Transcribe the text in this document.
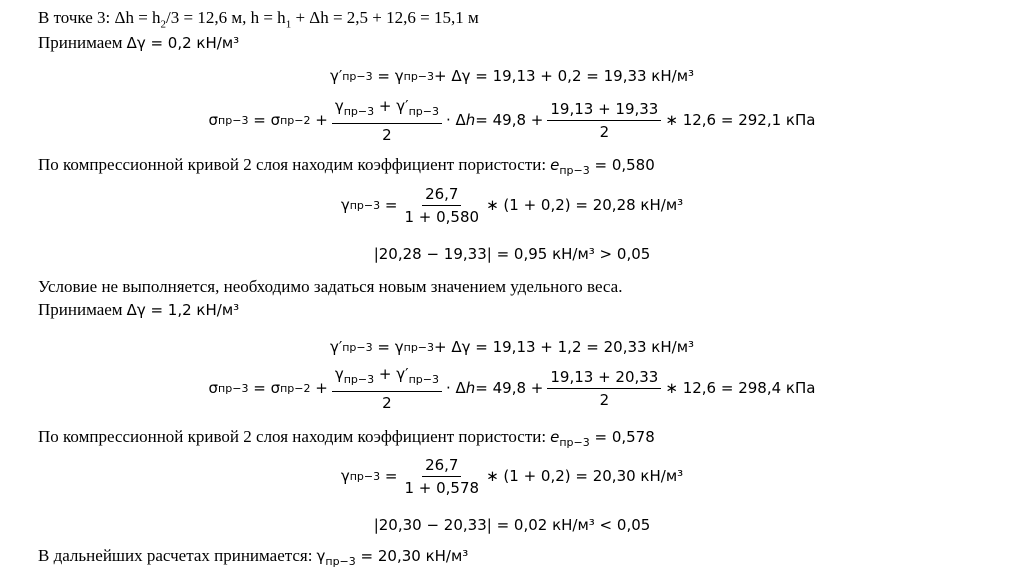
В точке 3: $\Delta h = h_2/3 = 12,6$ м, $h = h_1 + \Delta h = 2,5 + 12,6 = 15,1$ м
Принимаем Δγ = 0,2 кН/м³
γ′ пр−3
= γ пр−3 + Δγ = 19,13 + 0,2 = 19,33 кН/м³
σ пр−3
=
σ пр−2
+ $\frac{\gamma_{пр-3} + \gamma'_{пр-3}}{2} \cdot \Delta$ $h = 49,8 + \frac{19,13 + 19,33}{2}$ ∗ 12,6 = 292,1 кПа
По компрессионной кривой 2 слоя находим коэффициент пористости: $e_{пр-3} = 0,580$
γ пр−3
= $\frac{26,7}{1 + 0,580}$ ∗ (1 + 0,2) = 20,28 кН/м³
|20,28 − 19,33| = 0,95 кН/м³ > 0,05
Условие не выполняется, необходимо задаться новым значением удельного веса.
Принимаем Δγ = 1,2 кН/м³
γ′ пр−3
= γ пр−3 + Δγ = 19,13 + 1,2 = 20,33 кН/м³
σ пр−3
=
σ пр−2
+ $\frac{\gamma_{пр-3} + \gamma'_{пр-3}}{2} \cdot \Delta$ $h = 49,8 + \frac{19,13 + 20,33}{2}$ ∗ 12,6 = 298,4 кПа
По компрессионной кривой 2 слоя находим коэффициент пористости: $e_{пр-3} = 0,578$
γ пр−3
= $\frac{26,7}{1 + 0,578}$ ∗ (1 + 0,2) = 20,30 кН/м³
|20,30 − 20,33| = 0,02 кН/м³ < 0,05
В дальнейших расчетах принимается: $\gamma_{пр-3} = 20,30$ кН/м³
